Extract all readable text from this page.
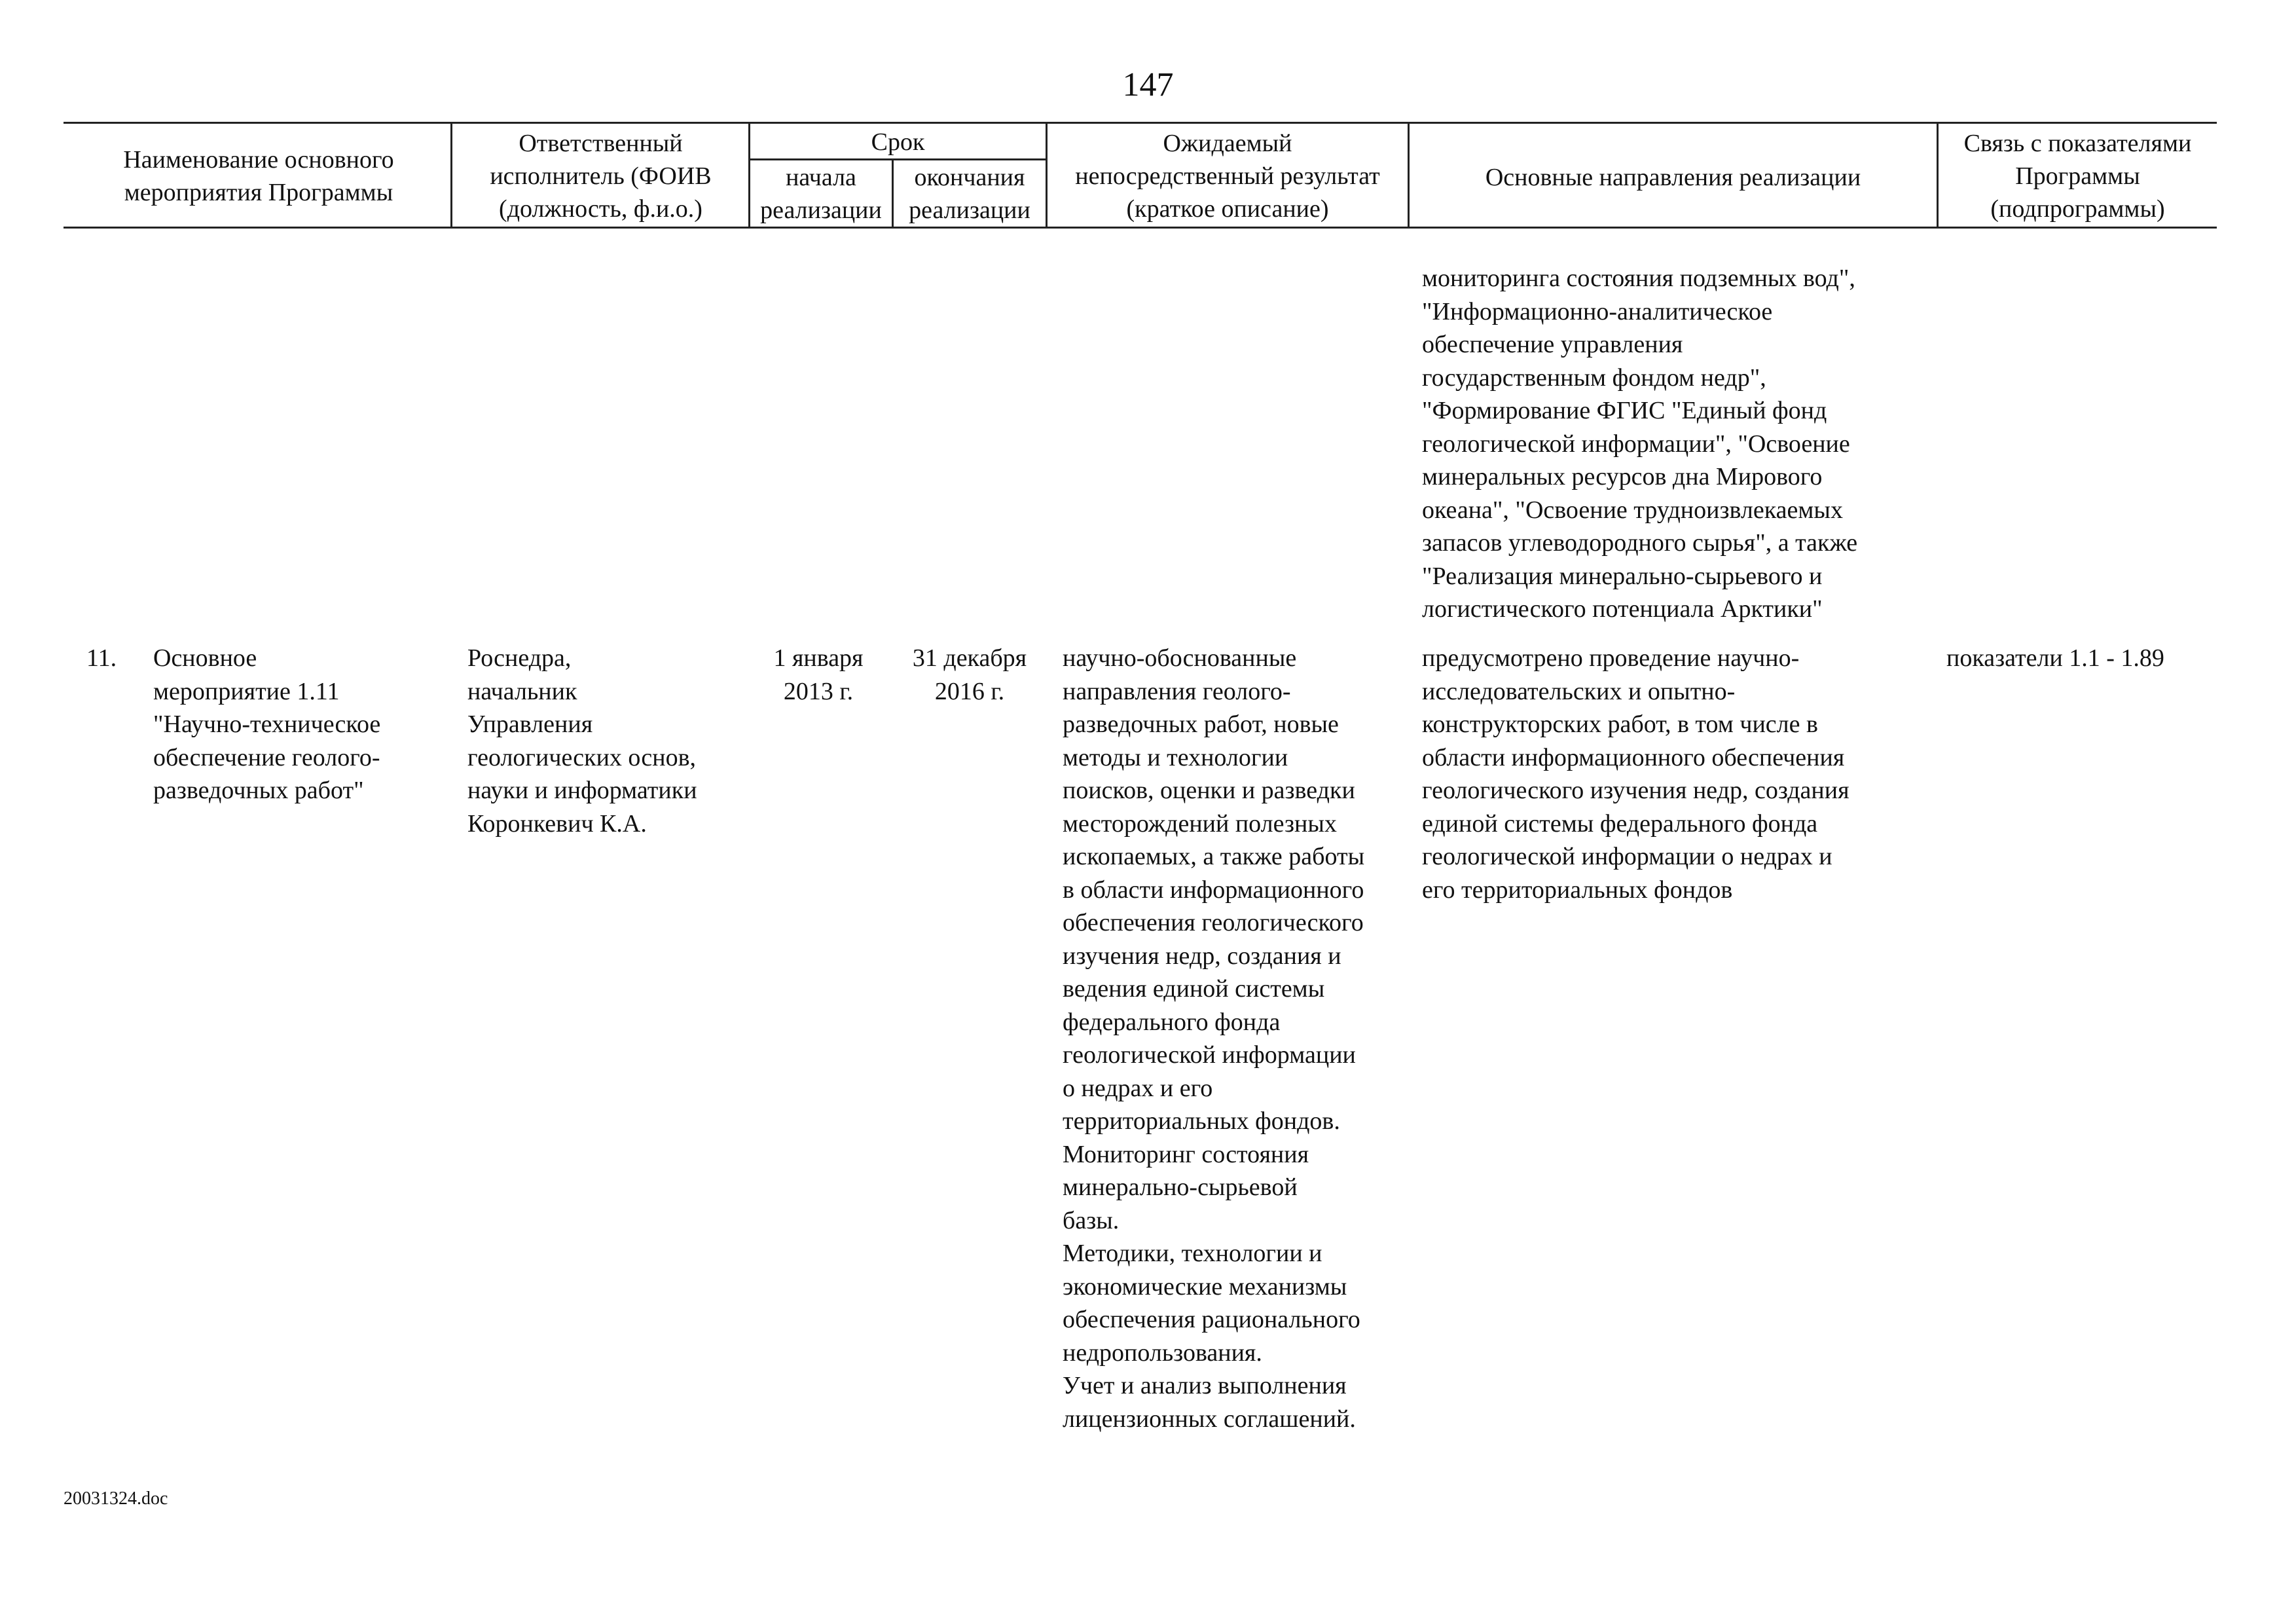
147
Наименование основного
мероприятия Программы
Ответственный
исполнитель (ФОИВ
(должность, ф.и.о.)
Срок
начала
реализации
окончания
реализации
Ожидаемый
непосредственный результат
(краткое описание)
Основные направления реализации
Связь с показателями
Программы
(подпрограммы)
мониторинга состояния подземных вод",
"Информационно-аналитическое
обеспечение управления
государственным фондом недр",
"Формирование ФГИС "Единый фонд
геологической информации", "Освоение
минеральных ресурсов дна Мирового
океана", "Освоение трудноизвлекаемых
запасов углеводородного сырья", а также
"Реализация минерально-сырьевого и
логистического потенциала Арктики"
11. Основное
мероприятие 1.11
"Научно-техническое
обеспечение геолого-
разведочных работ"
Роснедра,
начальник
Управления
геологических основ,
науки и информатики
Коронкевич К.А.
1 января
2013 г.
31 декабря
2016 г.
научно-обоснованные
направления геолого-
разведочных работ, новые
методы и технологии
поисков, оценки и разведки
месторождений полезных
ископаемых, а также работы
в области информационного
обеспечения геологического
изучения недр, создания и
ведения единой системы
федерального фонда
геологической информации
о недрах и его
территориальных фондов.
Мониторинг состояния
минерально-сырьевой
базы.
Методики, технологии и
экономические механизмы
обеспечения рационального
недропользования.
Учет и анализ выполнения
лицензионных соглашений.
предусмотрено проведение научно-
исследовательских и опытно-
конструкторских работ, в том числе в
области информационного обеспечения
геологического изучения недр, создания
единой системы федерального фонда
геологической информации о недрах и
его территориальных фондов
показатели 1.1 - 1.89
20031324.doc
